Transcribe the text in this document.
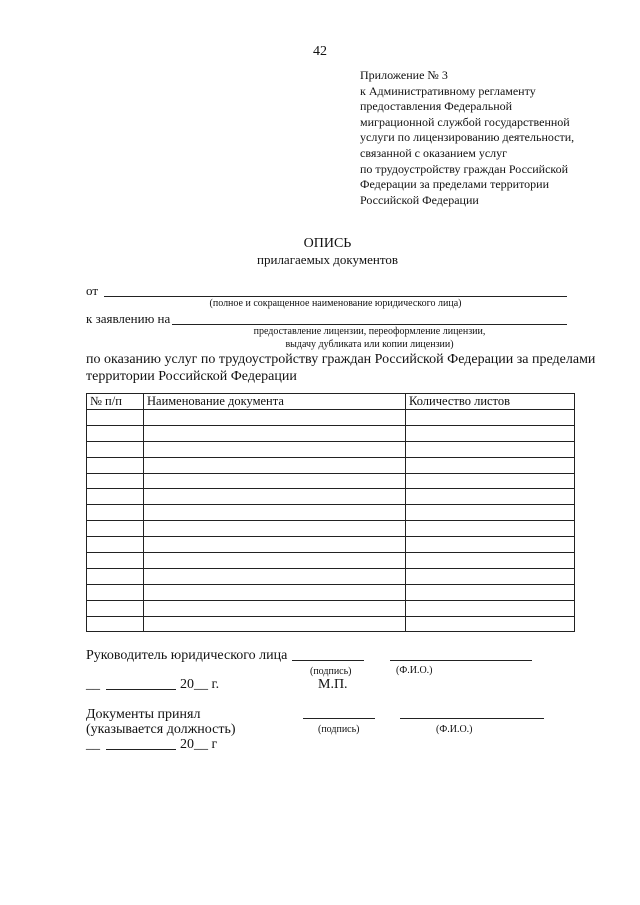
42
Приложение № 3
к Административному регламенту
предоставления Федеральной
миграционной службой государственной
услуги по лицензированию деятельности,
связанной с оказанием услуг
по трудоустройству граждан Российской
Федерации за пределами территории
Российской Федерации
ОПИСЬ
прилагаемых документов
от
(полное и сокращенное наименование юридического лица)
к заявлению на
предоставление лицензии, переоформление лицензии,
выдачу дубликата или копии лицензии)
по оказанию услуг по трудоустройству граждан Российской Федерации за пределами
территории Российской Федерации
№ п/п	Наименование документа	Количество листов

Руководитель юридического лица
(подпись)	(Ф.И.О.)
__	20__ г.	М.П.
Документы принял
(указывается должность)	(подпись)	(Ф.И.О.)
__	20__ г
